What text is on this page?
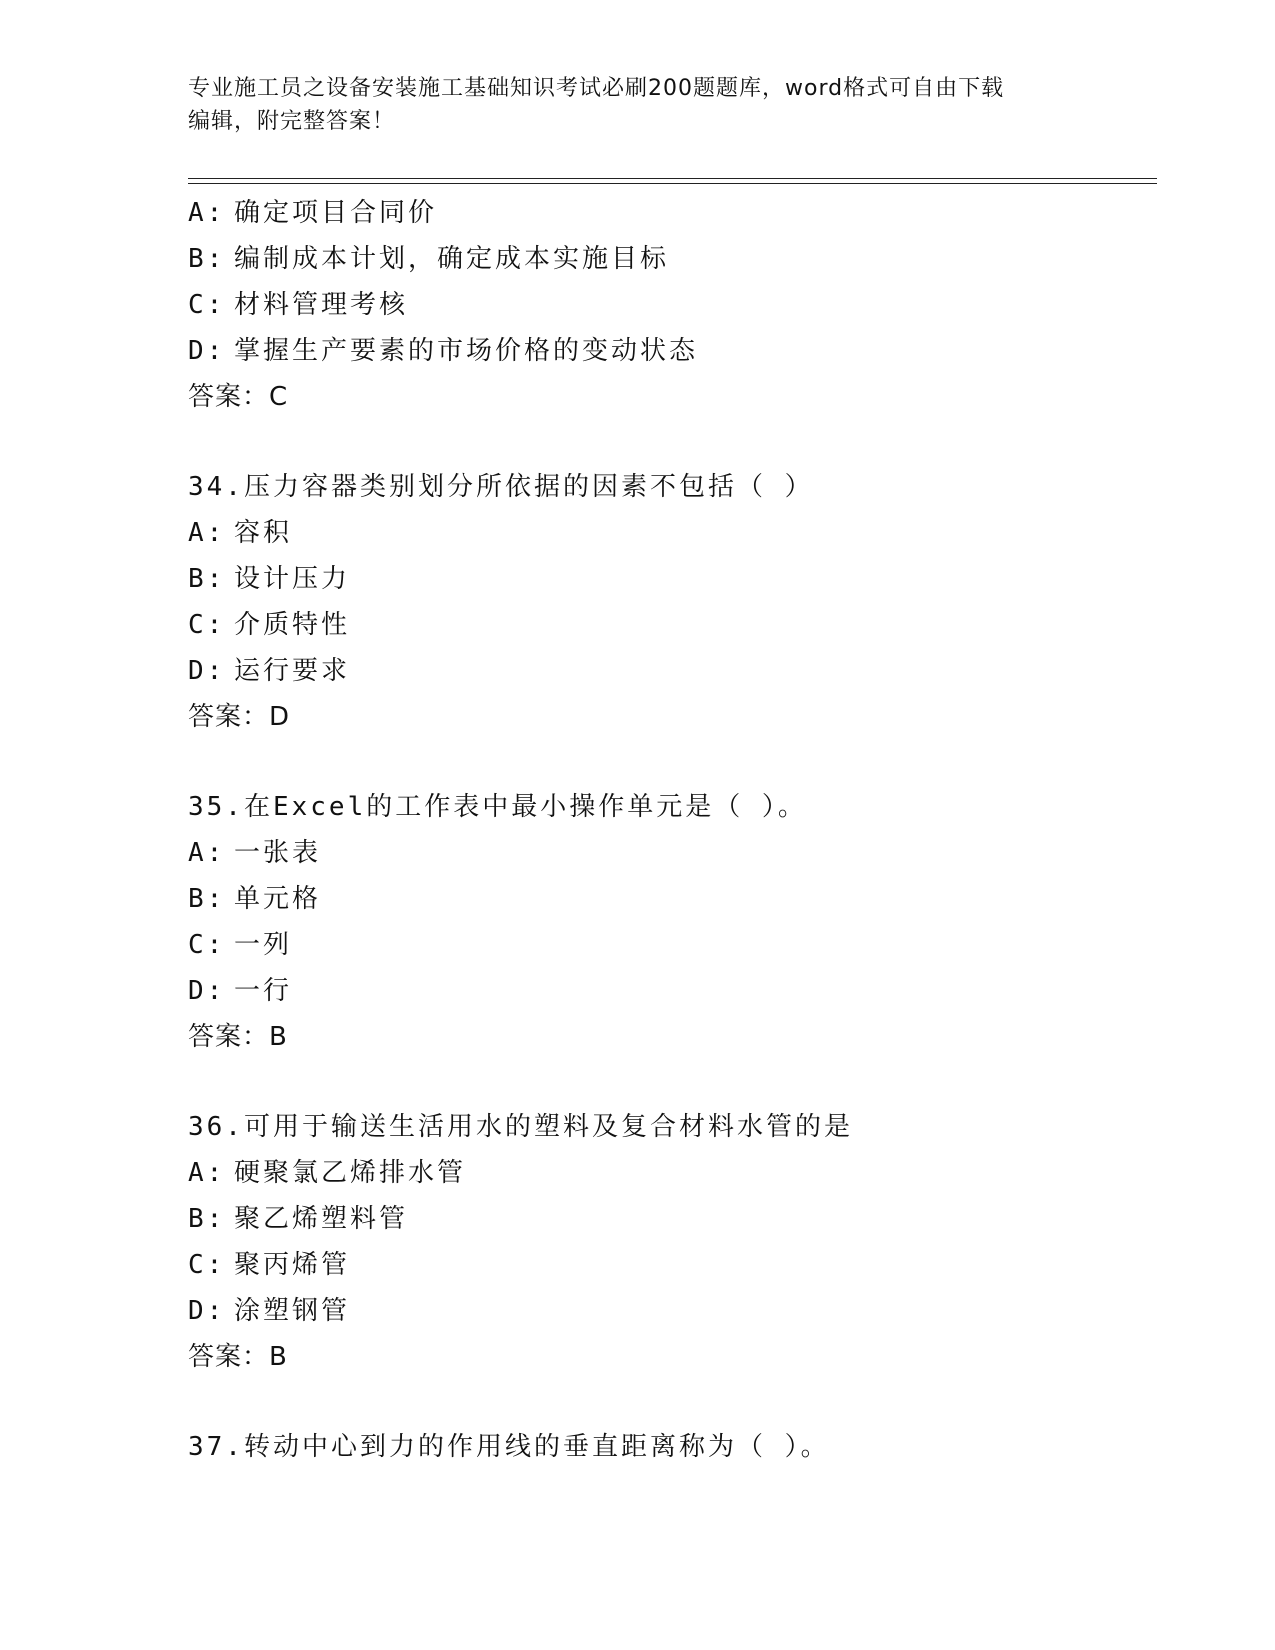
专业施工员之设备安装施工基础知识考试必刷200题题库，word格式可自由下载
编辑，附完整答案！
A: 确定项目合同价
B: 编制成本计划，确定成本实施目标
C: 材料管理考核
D: 掌握生产要素的市场价格的变动状态
答案：C
34.压力容器类别划分所依据的因素不包括（ ）
A: 容积
B: 设计压力
C: 介质特性
D: 运行要求
答案：D
35.在Excel的工作表中最小操作单元是（ ）。
A: 一张表
B: 单元格
C: 一列
D: 一行
答案：B
36.可用于输送生活用水的塑料及复合材料水管的是
A: 硬聚氯乙烯排水管
B: 聚乙烯塑料管
C: 聚丙烯管
D: 涂塑钢管
答案：B
37.转动中心到力的作用线的垂直距离称为（ ）。
